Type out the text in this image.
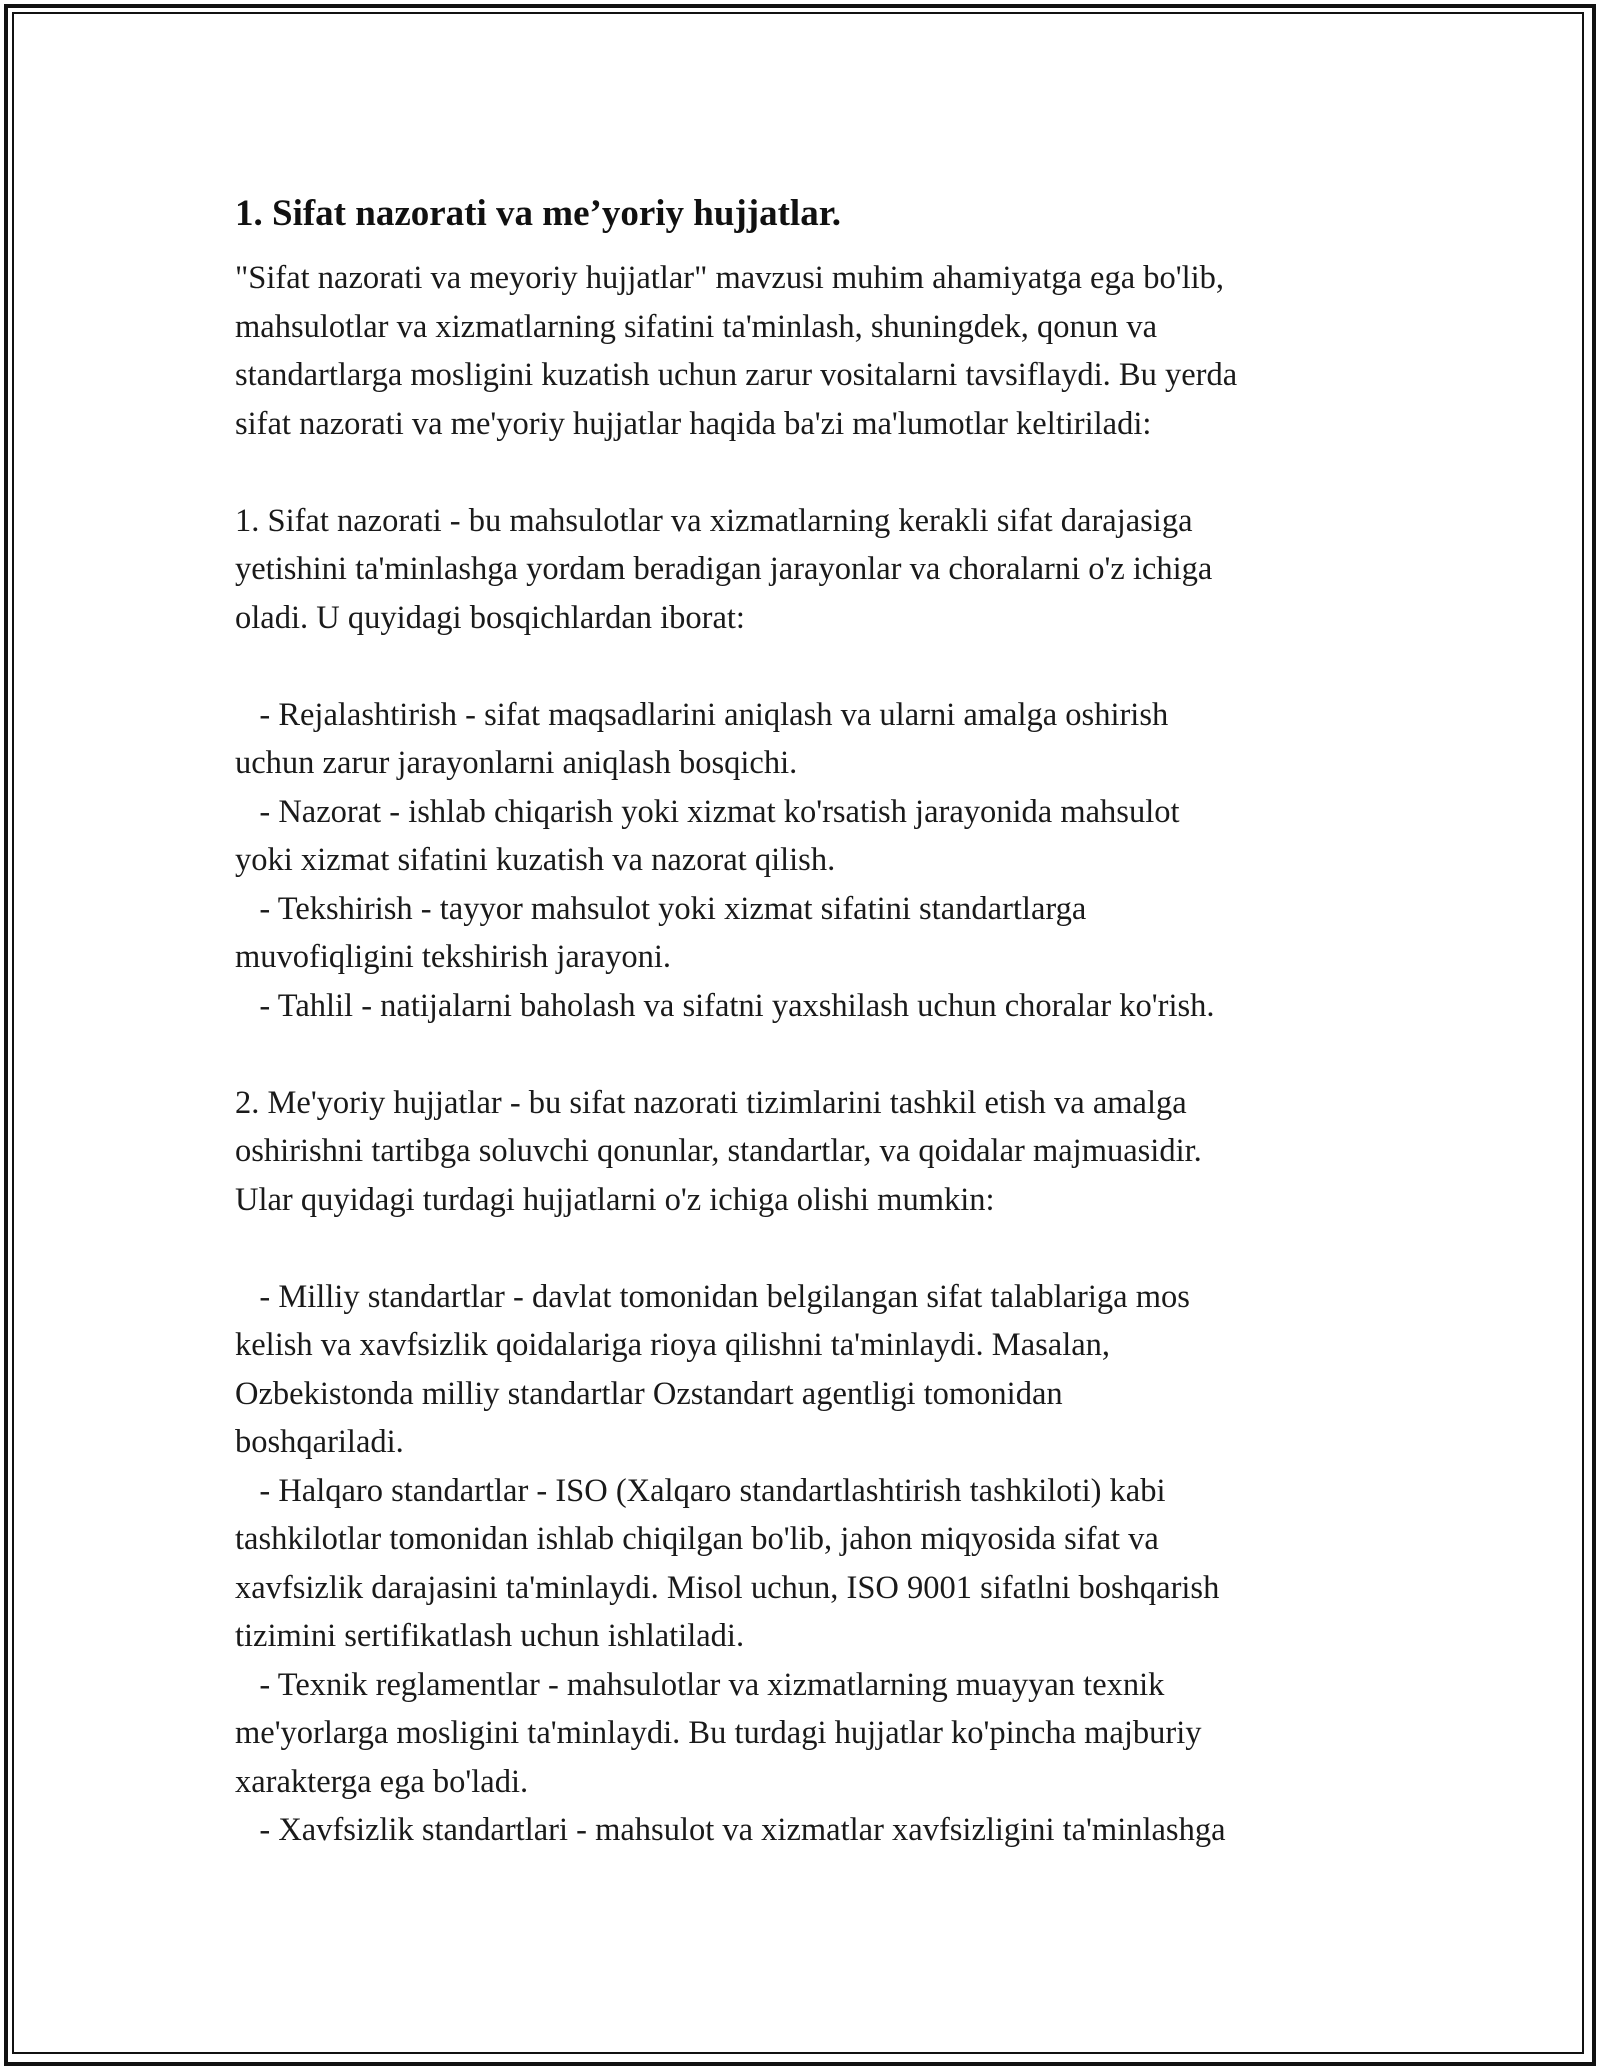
1. Sifat nazorati va me’yoriy hujjatlar.
"Sifat nazorati va meyoriy hujjatlar" mavzusi muhim ahamiyatga ega bo'lib,
mahsulotlar va xizmatlarning sifatini ta'minlash, shuningdek, qonun va
standartlarga mosligini kuzatish uchun zarur vositalarni tavsiflaydi. Bu yerda
sifat nazorati va me'yoriy hujjatlar haqida ba'zi ma'lumotlar keltiriladi:
1. Sifat nazorati - bu mahsulotlar va xizmatlarning kerakli sifat darajasiga
yetishini ta'minlashga yordam beradigan jarayonlar va choralarni o'z ichiga
oladi. U quyidagi bosqichlardan iborat:
- Rejalashtirish - sifat maqsadlarini aniqlash va ularni amalga oshirish
uchun zarur jarayonlarni aniqlash bosqichi.
- Nazorat - ishlab chiqarish yoki xizmat ko'rsatish jarayonida mahsulot
yoki xizmat sifatini kuzatish va nazorat qilish.
- Tekshirish - tayyor mahsulot yoki xizmat sifatini standartlarga
muvofiqligini tekshirish jarayoni.
- Tahlil - natijalarni baholash va sifatni yaxshilash uchun choralar ko'rish.
2. Me'yoriy hujjatlar - bu sifat nazorati tizimlarini tashkil etish va amalga
oshirishni tartibga soluvchi qonunlar, standartlar, va qoidalar majmuasidir.
Ular quyidagi turdagi hujjatlarni o'z ichiga olishi mumkin:
- Milliy standartlar - davlat tomonidan belgilangan sifat talablariga mos
kelish va xavfsizlik qoidalariga rioya qilishni ta'minlaydi. Masalan,
Ozbekistonda milliy standartlar Ozstandart agentligi tomonidan
boshqariladi.
- Halqaro standartlar - ISO (Xalqaro standartlashtirish tashkiloti) kabi
tashkilotlar tomonidan ishlab chiqilgan bo'lib, jahon miqyosida sifat va
xavfsizlik darajasini ta'minlaydi. Misol uchun, ISO 9001 sifatlni boshqarish
tizimini sertifikatlash uchun ishlatiladi.
- Texnik reglamentlar - mahsulotlar va xizmatlarning muayyan texnik
me'yorlarga mosligini ta'minlaydi. Bu turdagi hujjatlar ko'pincha majburiy
xarakterga ega bo'ladi.
- Xavfsizlik standartlari - mahsulot va xizmatlar xavfsizligini ta'minlashga
